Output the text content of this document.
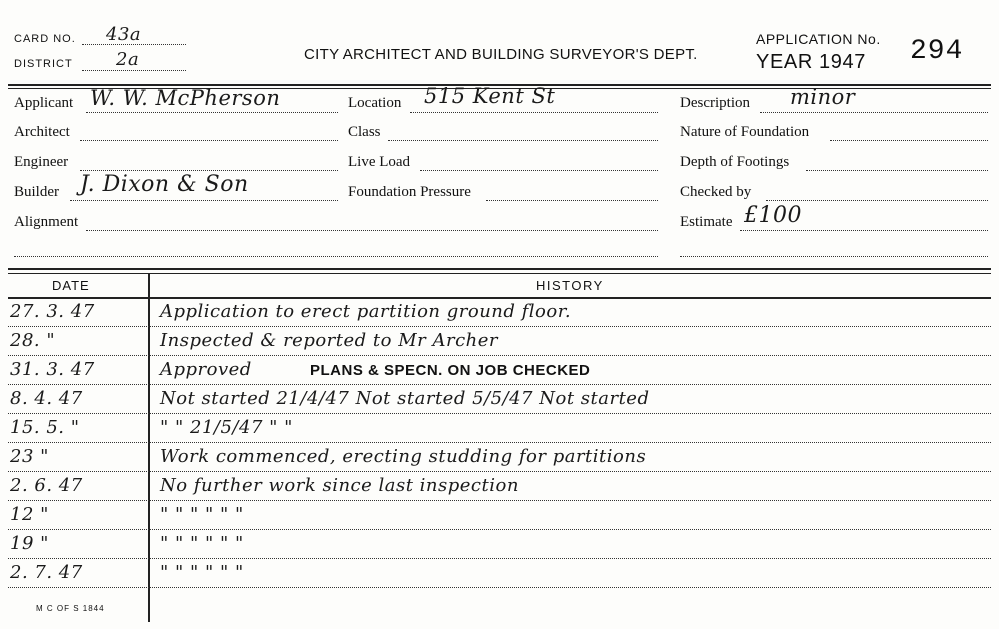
CARD NO. 43a
DISTRICT 2a	CITY ARCHITECT AND BUILDING SURVEYOR'S DEPT.
APPLICATION No.
YEAR 1947 294
Applicant W. W. McPherson
Architect
Engineer
Builder J. Dixon & Son
Alignment
Location 515 Kent St
Class
Live Load
Foundation Pressure
Description minor
Nature of Foundation
Depth of Footings
Checked by
Estimate £100
DATE	HISTORY
M C OF S 1844
27. 3. 47	Application to erect partition ground floor.
28. "	Inspected & reported to Mr Archer
31. 3. 47	Approved	PLANS & SPECN. ON JOB CHECKED
8. 4. 47	Not started 21/4/47 Not started 5/5/47 Not started
15. 5. "	" " 21/5/47 " "
23 "	Work commenced, erecting studding for partitions
2. 6. 47	No further work since last inspection
12 "	" " " " " "
19 "	" " " " " "
2. 7. 47	" " " " " "
